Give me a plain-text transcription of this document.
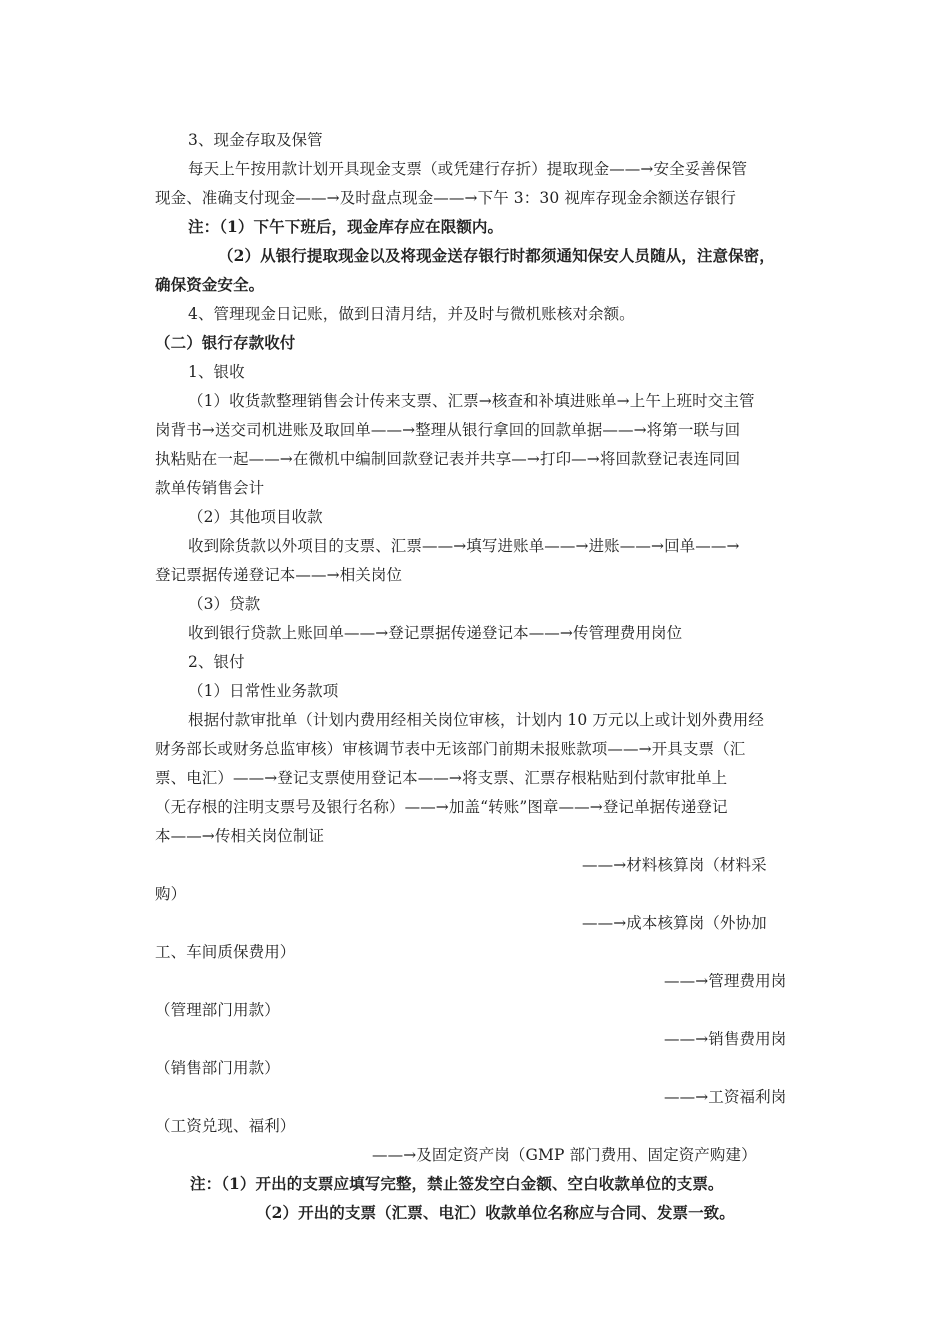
3、现金存取及保管
每天上午按用款计划开具现金支票（或凭建行存折）提取现金——→安全妥善保管
现金、准确支付现金——→及时盘点现金——→下午 3：30 视库存现金余额送存银行
注：（1）下午下班后，现金库存应在限额内。
（2）从银行提取现金以及将现金送存银行时都须通知保安人员随从，注意保密，
确保资金安全。
4、管理现金日记账，做到日清月结，并及时与微机账核对余额。
（二）银行存款收付
1、银收
（1）收货款整理销售会计传来支票、汇票→核查和补填进账单→上午上班时交主管
岗背书→送交司机进账及取回单——→整理从银行拿回的回款单据——→将第一联与回
执粘贴在一起——→在微机中编制回款登记表并共享—→打印—→将回款登记表连同回
款单传销售会计
（2）其他项目收款
收到除货款以外项目的支票、汇票——→填写进账单——→进账——→回单——→
登记票据传递登记本——→相关岗位
（3）贷款
收到银行贷款上账回单——→登记票据传递登记本——→传管理费用岗位
2、银付
（1）日常性业务款项
根据付款审批单（计划内费用经相关岗位审核，计划内 10 万元以上或计划外费用经
财务部长或财务总监审核）审核调节表中无该部门前期未报账款项——→开具支票（汇
票、电汇）——→登记支票使用登记本——→将支票、汇票存根粘贴到付款审批单上
（无存根的注明支票号及银行名称）——→加盖“转账”图章——→登记单据传递登记
本——→传相关岗位制证
——→材料核算岗（材料采
购）
——→成本核算岗（外协加
工、车间质保费用）
——→管理费用岗
（管理部门用款）
——→销售费用岗
（销售部门用款）
——→工资福利岗
（工资兑现、福利）
——→及固定资产岗（GMP 部门费用、固定资产购建）
注：（1）开出的支票应填写完整，禁止签发空白金额、空白收款单位的支票。
（2）开出的支票（汇票、电汇）收款单位名称应与合同、发票一致。
